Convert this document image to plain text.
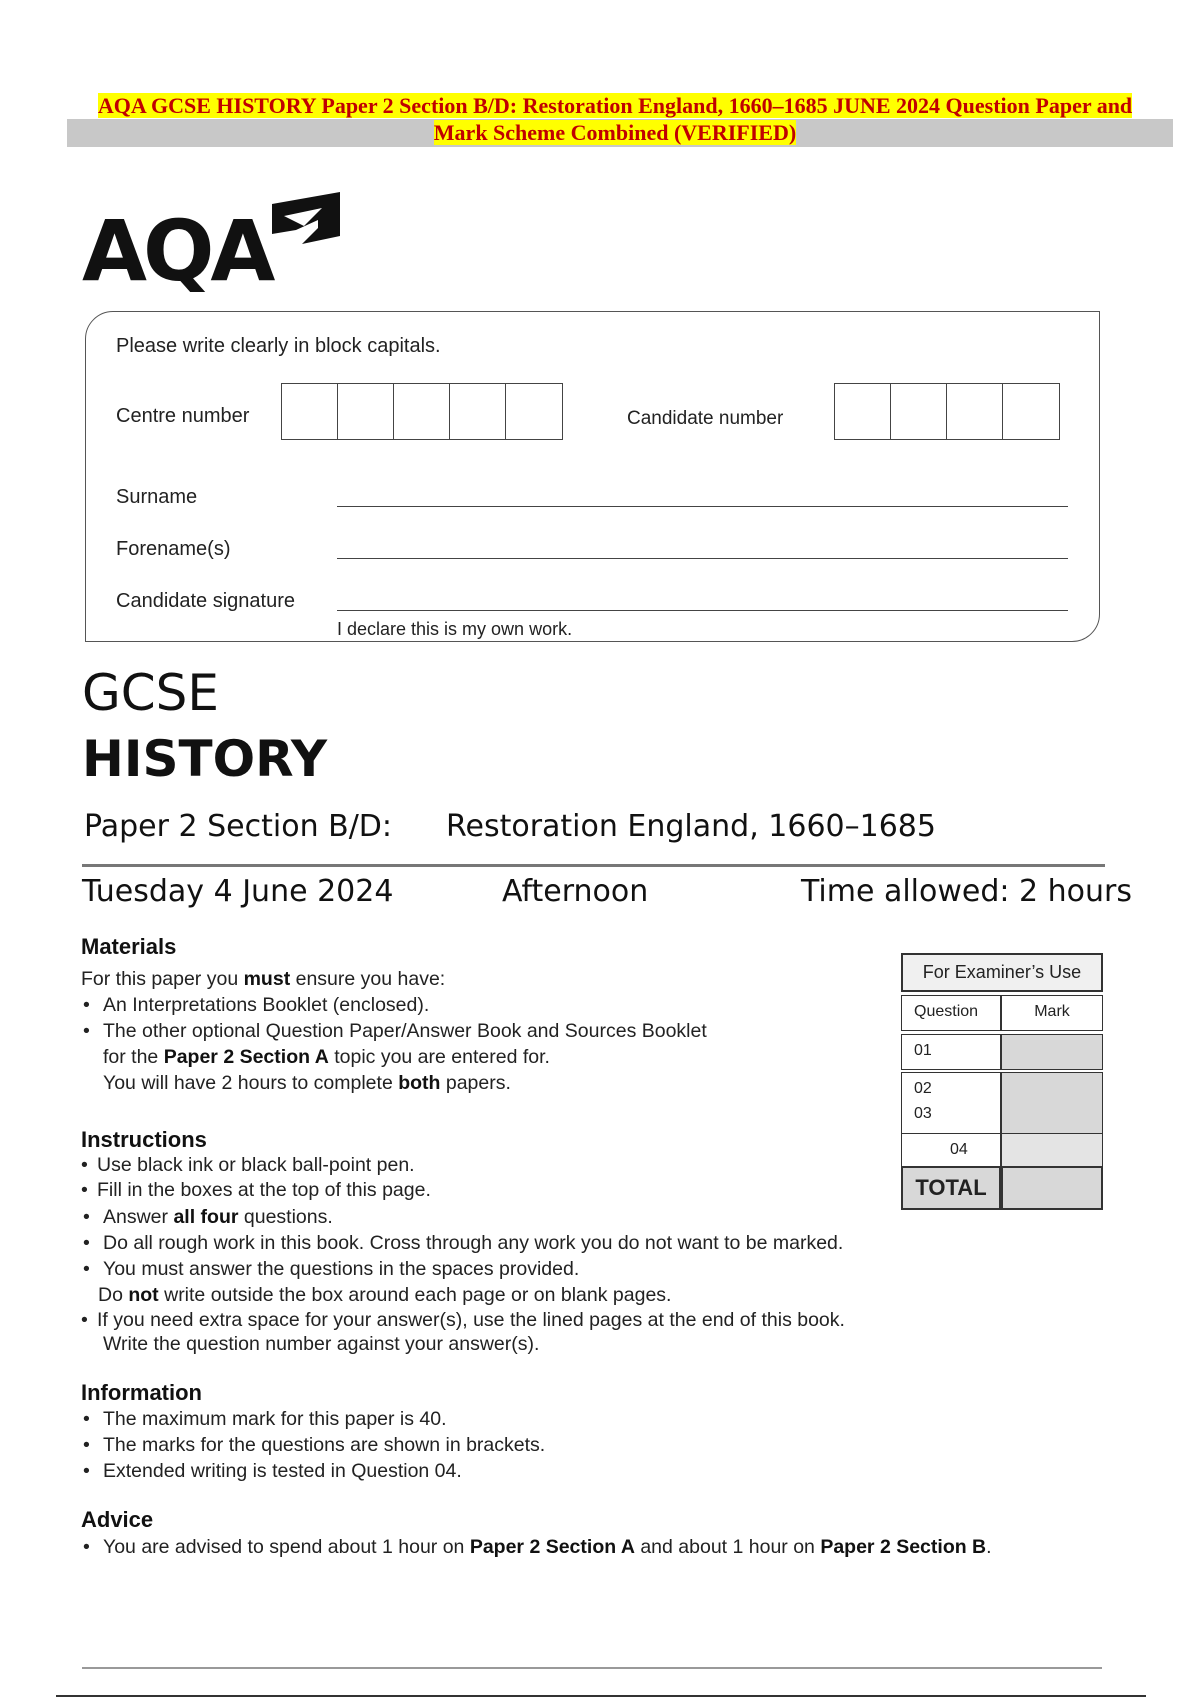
AQA GCSE HISTORY Paper 2 Section B/D: Restoration England, 1660–1685 JUNE 2024 Question Paper and Mark Scheme Combined (VERIFIED)
AQA
Please write clearly in block capitals.
Centre number	Candidate number
Surname
Forename(s)
Candidate signature
I declare this is my own work.
GCSE
HISTORY
Paper 2 Section B/D: Restoration England, 1660–1685
Tuesday 4 June 2024	Afternoon	Time allowed: 2 hours
Materials
For this paper you must ensure you have:
• An Interpretations Booklet (enclosed).
• The other optional Question Paper/Answer Book and Sources Booklet
for the Paper 2 Section A topic you are entered for.
You will have 2 hours to complete both papers.
Instructions
• Use black ink or black ball-point pen.
• Fill in the boxes at the top of this page.
• Answer all four questions.
• Do all rough work in this book. Cross through any work you do not want to be marked.
• You must answer the questions in the spaces provided.
Do not write outside the box around each page or on blank pages.
• If you need extra space for your answer(s), use the lined pages at the end of this book.
Write the question number against your answer(s).
Information
• The maximum mark for this paper is 40.
• The marks for the questions are shown in brackets.
• Extended writing is tested in Question 04.
Advice
• You are advised to spend about 1 hour on Paper 2 Section A and about 1 hour on Paper 2 Section B.
For Examiner’s Use
Question	Mark
01
02
03
04
TOTAL
